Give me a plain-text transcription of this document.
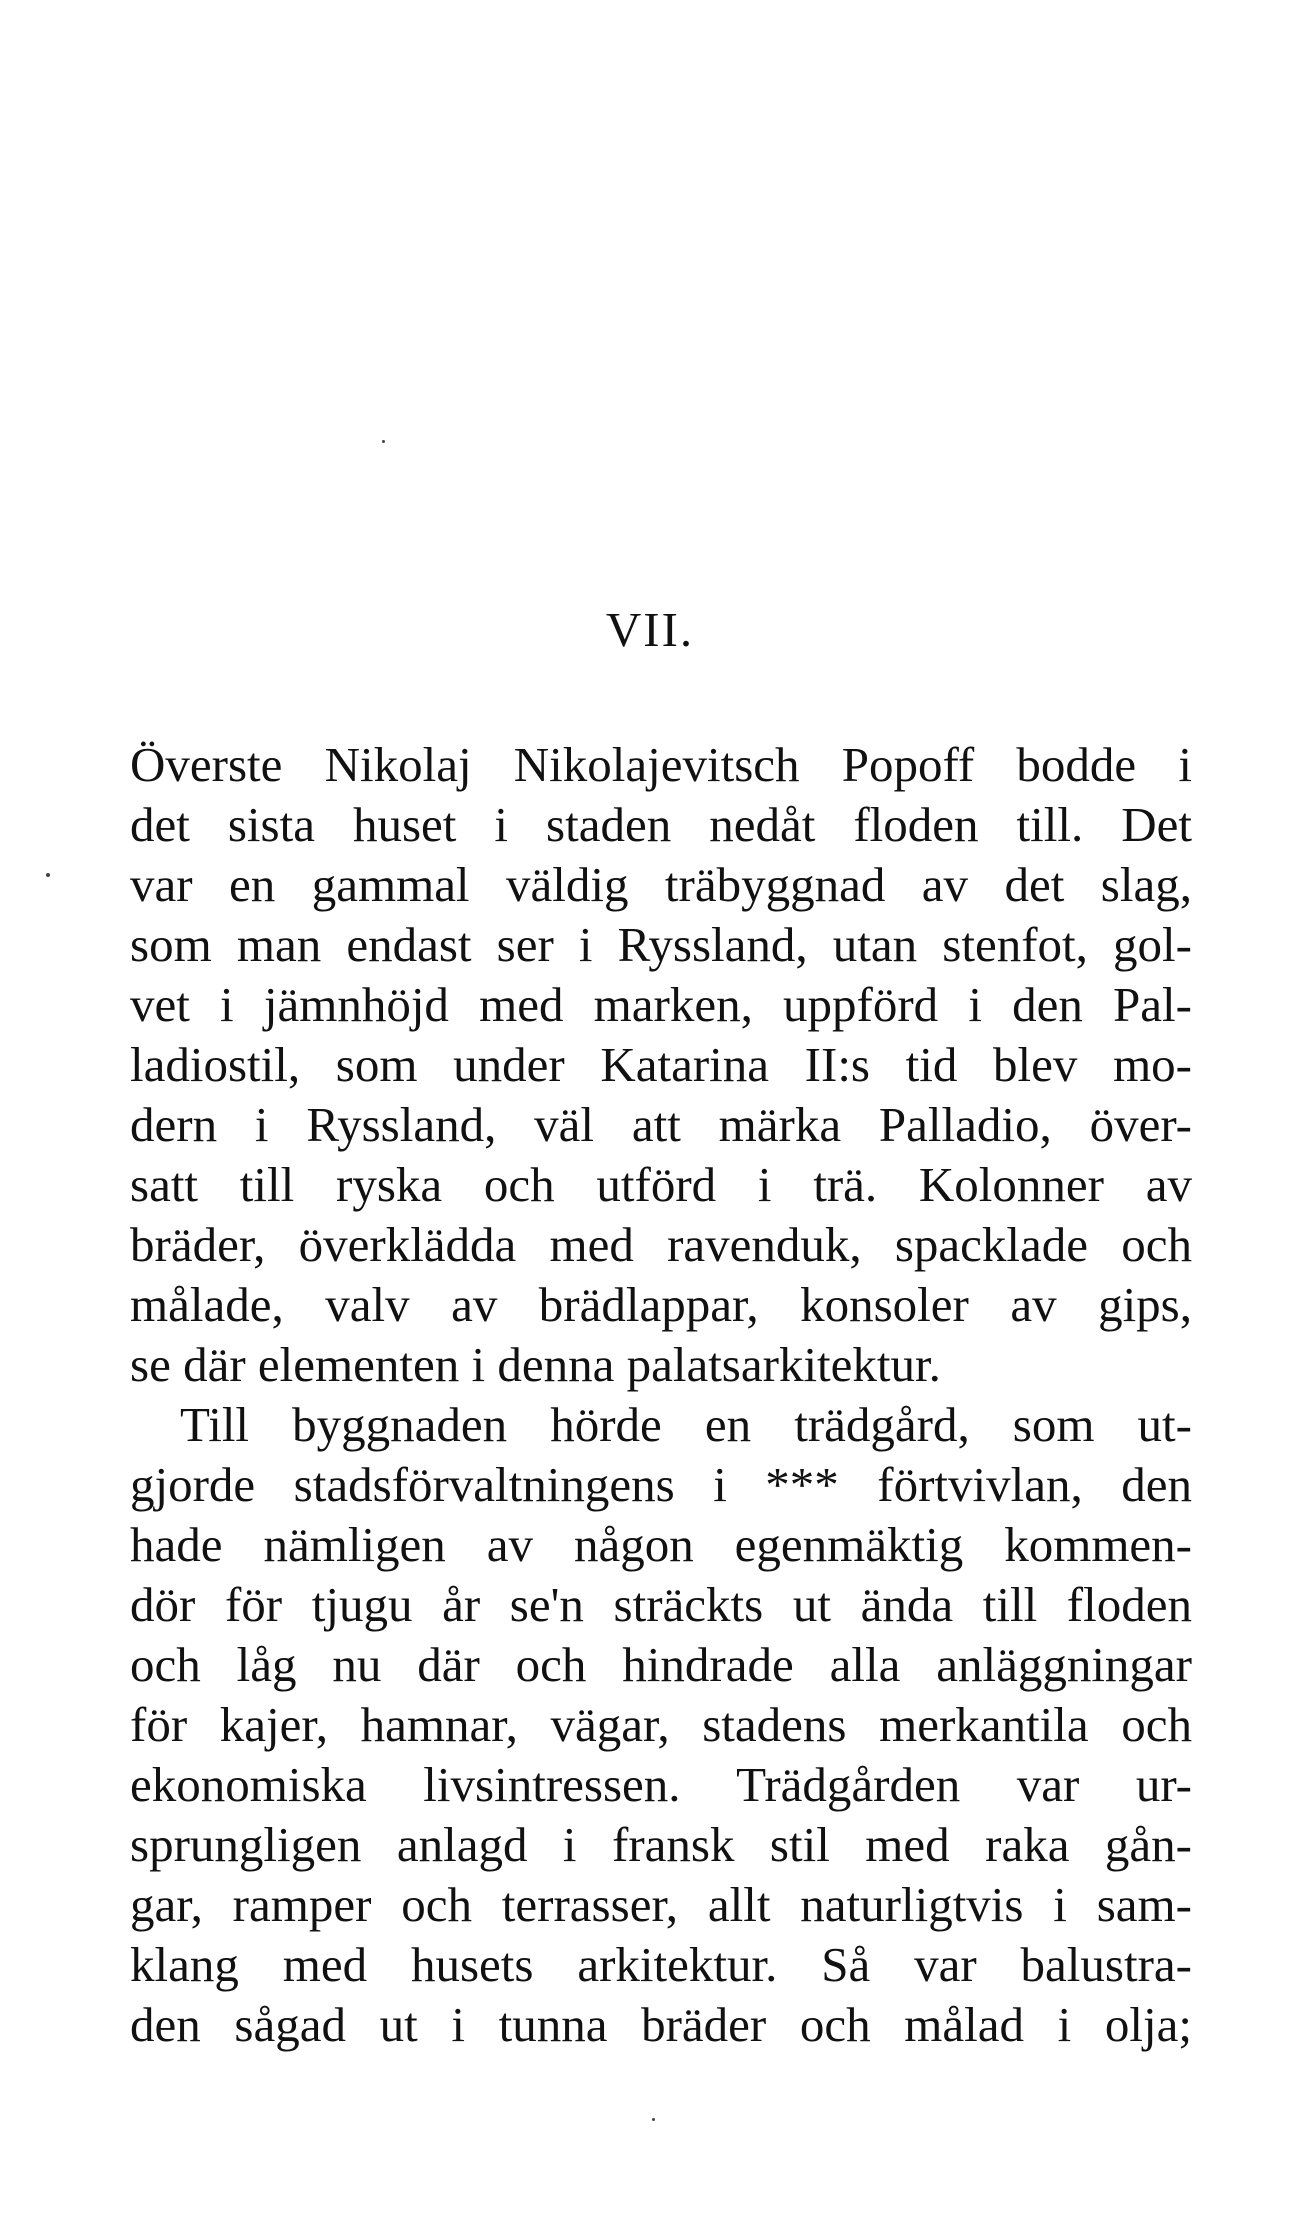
VII.
Överste Nikolaj Nikolajevitsch Popoff bodde i
det sista huset i staden nedåt floden till. Det
var en gammal väldig träbyggnad av det slag,
som man endast ser i Ryssland, utan stenfot, gol-
vet i jämnhöjd med marken, uppförd i den Pal-
ladiostil, som under Katarina II:s tid blev mo-
dern i Ryssland, väl att märka Palladio, över-
satt till ryska och utförd i trä. Kolonner av
bräder, överklädda med ravenduk, spacklade och
målade, valv av brädlappar, konsoler av gips,
se där elementen i denna palatsarkitektur.
Till byggnaden hörde en trädgård, som ut-
gjorde stadsförvaltningens i *** förtvivlan, den
hade nämligen av någon egenmäktig kommen-
dör för tjugu år se'n sträckts ut ända till floden
och låg nu där och hindrade alla anläggningar
för kajer, hamnar, vägar, stadens merkantila och
ekonomiska livsintressen. Trädgården var ur-
sprungligen anlagd i fransk stil med raka gån-
gar, ramper och terrasser, allt naturligtvis i sam-
klang med husets arkitektur. Så var balustra-
den sågad ut i tunna bräder och målad i olja;
